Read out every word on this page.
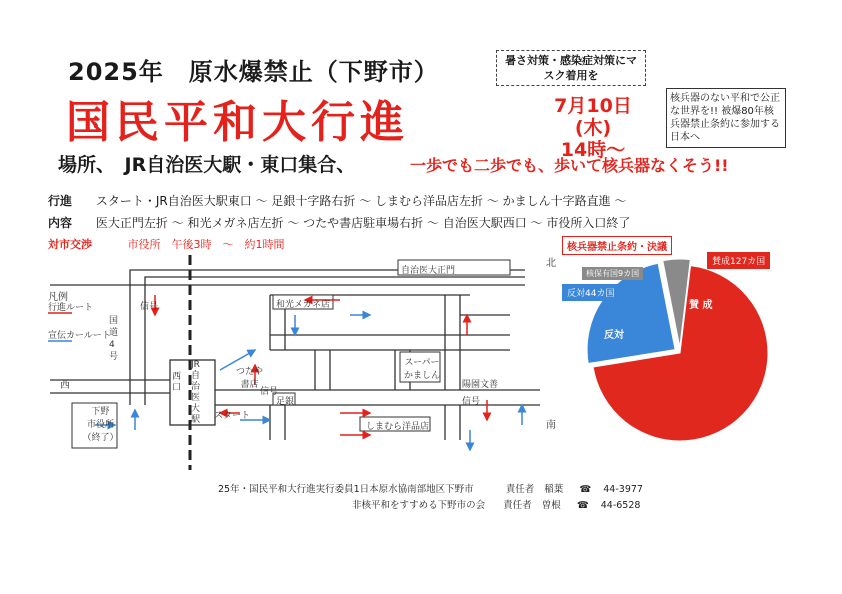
2025年　原水爆禁止（下野市）
国民平和大行進
暑さ対策・感染症対策にマスク着用を
7月10日(木)
14時～
核兵器のない平和で公正な世界を!! 被爆80年核兵器禁止条約に参加する日本へ
場所、　JR自治医大駅・東口集合、	一歩でも二歩でも、歩いて核兵器なくそう!!
行進 スタート・JR自治医大駅東口 ～ 足銀十字路右折 ～ しまむら洋品店左折 ～ かましん十字路直進 ～
内容 医大正門左折 ～ 和光メガネ店左折 ～ つたや書店駐車場右折 ～ 自治医大駅西口 ～ 市役所入口終了
対市交渉	市役所　午後3時　～　約1時間
凡例
行進ルート
宣伝カールート
国道4号
西
北
南
自治医大正門
和光メガネ店
JR自治医大駅
西口
スタート
下野
市役所
（終了）
つたや
書店
信号
信号
信号
スーパー
かましん
足銀
しまむら洋品店
陽園文善
核兵器禁止条約・決議
賛成127カ国
賛 成
反対44カ国
反対
核保有国9カ国
25年・国民平和大行進実行委員1日本原水協南部地区下野市	責任者 稲葉 ☎ 44-3977
非核平和をすすめる下野市の会 責任者 曽根 ☎ 44-6528
